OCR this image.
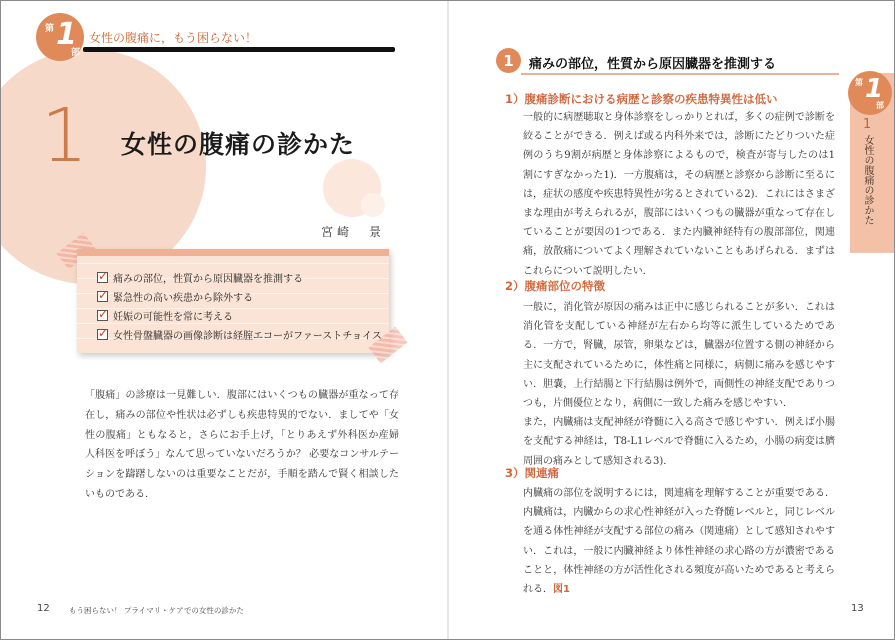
第 1
部
女性の腹痛に，もう困らない！
1 女性の腹痛の診かた
宮崎　景
✓
痛みの部位，性質から原因臓器を推測する
✓
緊急性の高い疾患から除外する
✓
妊娠の可能性を常に考える
✓
女性骨盤臓器の画像診断は経腟エコーがファーストチョイス

「腹痛」の診療は一見難しい．腹部にはいくつもの臓器が重なって存在し，痛みの部位や性状は必ずしも疾患特異的でない．ましてや「女性の腹痛」ともなると，さらにお手上げ，「とりあえず外科医か産婦人科医を呼ぼう」なんて思っていないだろうか？ 必要なコンサルテーションを躊躇しないのは重要なことだが，手順を踏んで賢く相談したいものである．

12	もう困らない！ プライマリ・ケアでの女性の診かた
1	痛みの部位，性質から原因臓器を推測する
1）腹痛診断における病歴と診察の疾患特異性は低い

一般的に病歴聴取と身体診察をしっかりとれば，多くの症例で診断を絞ることができる．例えば或る内科外来では，診断にたどりついた症例のうち9割が病歴と身体診察によるもので，検査が寄与したのは1割にすぎなかった1)．一方腹痛は，その病歴と診察から診断に至るには，症状の感度や疾患特異性が劣るとされている2)．これにはさまざまな理由が考えられるが，腹部にはいくつもの臓器が重なって存在していることが要因の1つである．また内臓神経特有の腹部部位，関連痛，放散痛についてよく理解されていないこともあげられる．まずはこれらについて説明したい．

2）腹痛部位の特徴

一般に，消化管が原因の痛みは正中に感じられることが多い．これは消化管を支配している神経が左右から均等に派生しているためである．一方で，腎臓，尿管，卵巣などは，臓器が位置する側の神経から主に支配されているために，体性痛と同様に，病側に痛みを感じやすい．胆嚢，上行結腸と下行結腸は例外で，両側性の神経支配でありつつも，片側優位となり，病側に一致した痛みを感じやすい．

また，内臓痛は支配神経が脊髄に入る高さで感じやすい．例えば小腸を支配する神経は，T8-L1レベルで脊髄に入るため，小腸の病変は臍周囲の痛みとして感知される3)．

3）関連痛

内臓痛の部位を説明するには，関連痛を理解することが重要である．内臓痛は，内臓からの求心性神経が入った脊髄レベルと，同じレベルを通る体性神経が支配する部位の痛み（関連痛）として感知されやすい．これは，一般に内臓神経より体性神経の求心路の方が濃密であることと，体性神経の方が活性化される頻度が高いためであると考えられる．図1

第 1
部
1
女性の腹痛の診かた
13
